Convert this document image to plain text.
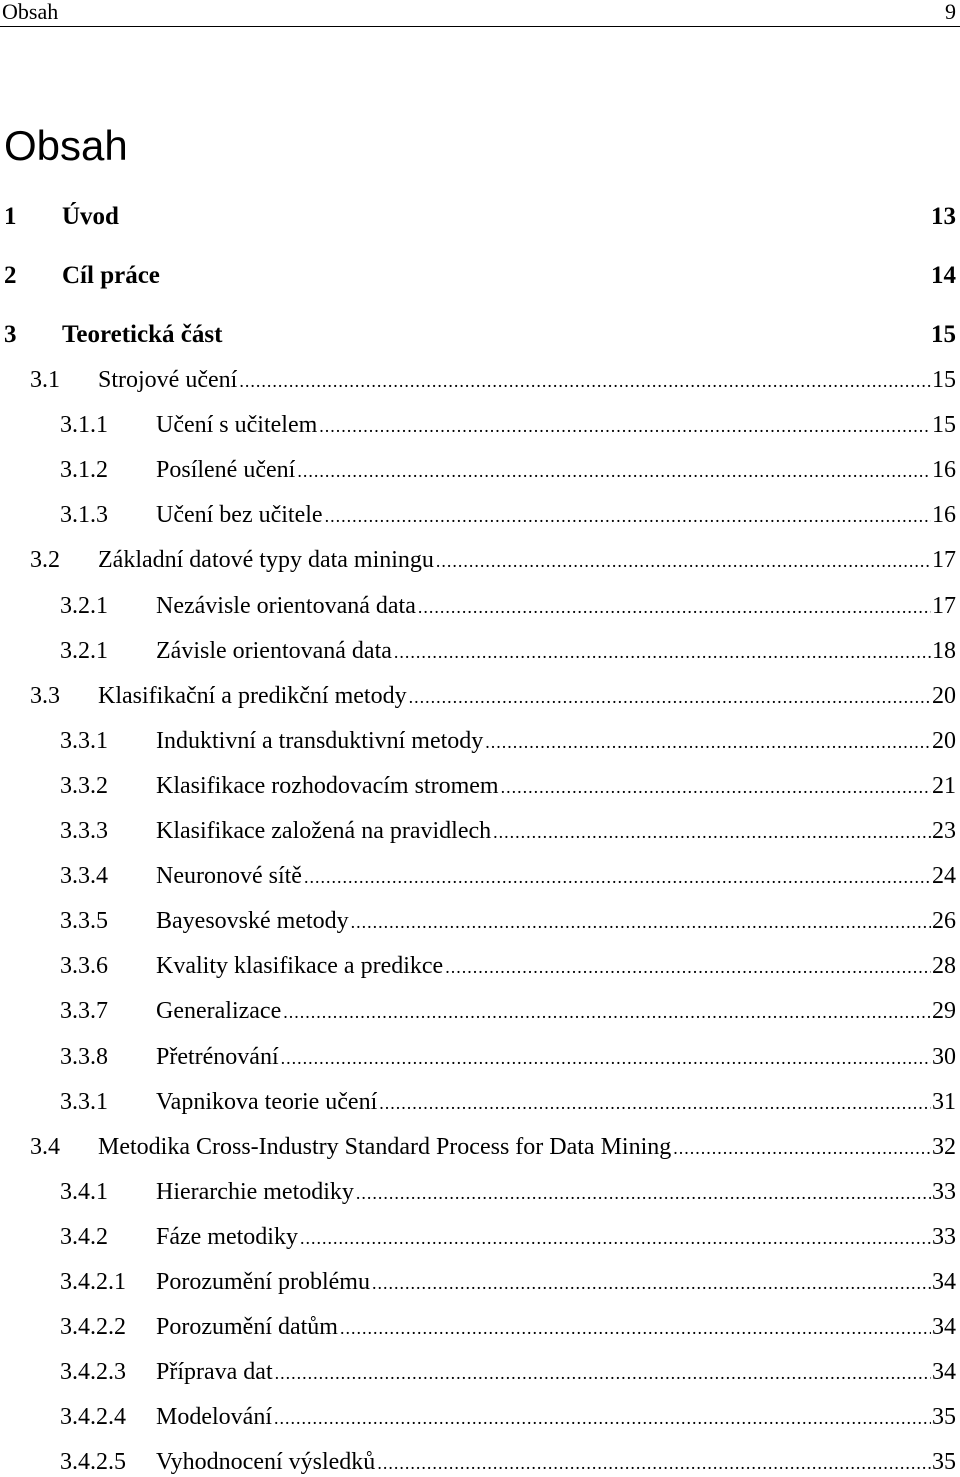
Obsah	9
Obsah
1	Úvod	13
2	Cíl práce	14
3	Teoretická část	15
3.1	Strojové učení .....	15
3.1.1	Učení s učitelem .....	15
3.1.2	Posílené učení .....	16
3.1.3	Učení bez učitele .....	16
3.2	Základní datové typy data miningu .....	17
3.2.1	Nezávisle orientovaná data .....	17
3.2.1	Závisle orientovaná data .....	18
3.3	Klasifikační a predikční metody .....	20
3.3.1	Induktivní a transduktivní metody .....	20
3.3.2	Klasifikace rozhodovacím stromem .....	21
3.3.3	Klasifikace založená na pravidlech .....	23
3.3.4	Neuronové sítě .....	24
3.3.5	Bayesovské metody .....	26
3.3.6	Kvality klasifikace a predikce .....	28
3.3.7	Generalizace .....	29
3.3.8	Přetrénování .....	30
3.3.1	Vapnikova teorie učení .....	31
3.4	Metodika Cross-Industry Standard Process for Data Mining .....	32
3.4.1	Hierarchie metodiky .....	33
3.4.2	Fáze metodiky .....	33
3.4.2.1	Porozumění problému .....	34
3.4.2.2	Porozumění datům .....	34
3.4.2.3	Příprava dat .....	34
3.4.2.4	Modelování .....	35
3.4.2.5	Vyhodnocení výsledků .....	35
